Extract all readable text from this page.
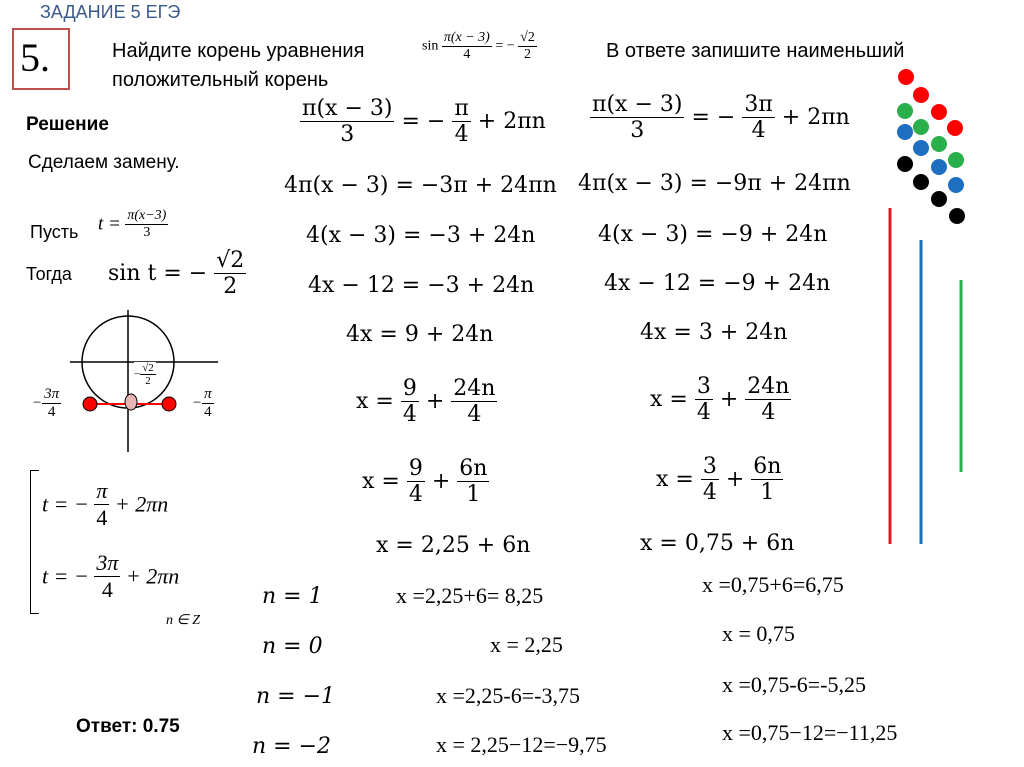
ЗАДАНИЕ 5 ЕГЭ
5.	Найдите корень уравнения
положительный корень
$\sin \frac{\pi(x - 3)}{4}$ = − $\frac{√2}{2}$	В ответе запишите наименьший
Решение
Сделаем замену.
Пусть $t = \frac{\pi(x-3)}{3}$
Тогда sin t = − $\frac{√2}{2}$
− $\frac{3\pi}{4}$	− $\frac{\pi}{4}$
− $\frac{√2}{2}$
t = − $\frac{\pi}{4} + 2\pi n$
t = − $\frac{3\pi}{4} + 2\pi n$
n ∈ Z
Ответ: 0.75
$\frac{\pi(x - 3)}{3}$ = − $\frac{\pi}{4} + 2\pi n$
4π(x − 3) = −3π + 24πn
4(x − 3) = −3 + 24n
4x − 12 = −3 + 24n
4x = 9 + 24n
$x = \frac{9}{4} + \frac{24n}{4}$
$x = \frac{9}{4} + \frac{6n}{1}$
x = 2,25 + 6n
$\frac{\pi(x - 3)}{3}$ = − $\frac{3\pi}{4} + 2\pi n$
4π(x − 3) = −9π + 24πn
4(x − 3) = −9 + 24n
4x − 12 = −9 + 24n
4x = 3 + 24n
$x = \frac{3}{4} + \frac{24n}{4}$
$x = \frac{3}{4} + \frac{6n}{1}$
x = 0,75 + 6n
n = 1
n = 0
n = −1
n = −2
x =2,25+6= 8,25
x = 2,25
x =2,25-6=-3,75
x = 2,25−12=−9,75
x =0,75+6=6,75
x = 0,75
x =0,75-6=-5,25
x =0,75−12=−11,25
